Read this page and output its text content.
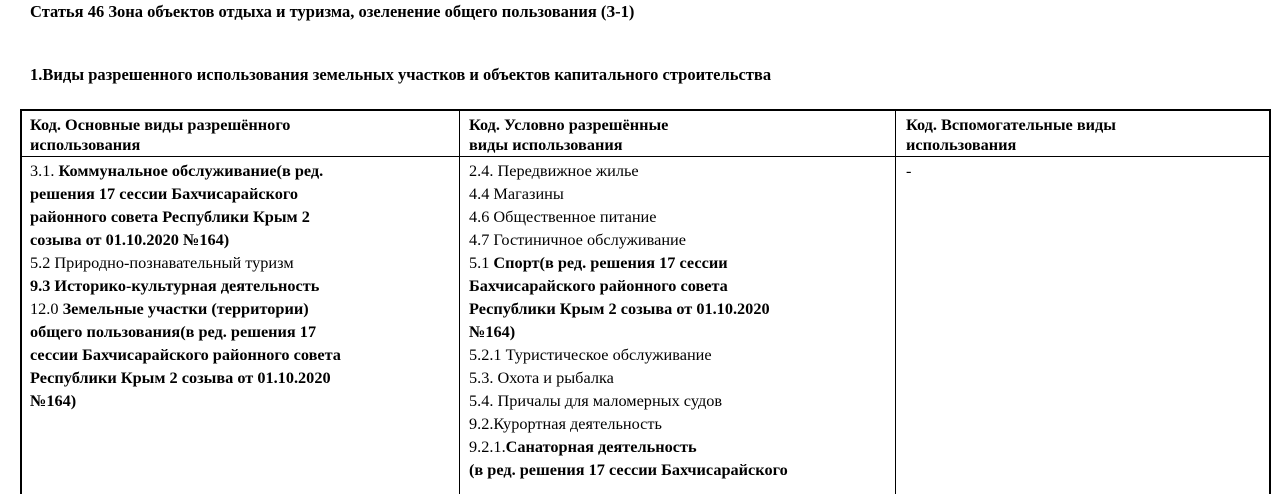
Статья 46 Зона объектов отдыха и туризма, озеленение общего пользования (З-1)
1.Виды разрешенного использования земельных участков и объектов капитального строительства
Код. Основные виды разрешённого
использования
Код. Условно разрешённые
виды использования
Код. Вспомогательные виды
использования
3.1. Коммунальное обслуживание(в ред.
решения 17 сессии Бахчисарайского
районного совета Республики Крым 2
созыва от 01.10.2020 №164)
5.2 Природно-познавательный туризм
9.3 Историко-культурная деятельность
12.0 Земельные участки (территории)
общего пользования(в ред. решения 17
сессии Бахчисарайского районного совета
Республики Крым 2 созыва от 01.10.2020
№164)
2.4. Передвижное жилье
4.4 Магазины
4.6 Общественное питание
4.7 Гостиничное обслуживание
5.1 Спорт(в ред. решения 17 сессии
Бахчисарайского районного совета
Республики Крым 2 созыва от 01.10.2020
№164)
5.2.1 Туристическое обслуживание
5.3. Охота и рыбалка
5.4. Причалы для маломерных судов
9.2.Курортная деятельность
9.2.1.Санаторная деятельность
(в ред. решения 17 сессии Бахчисарайского
-
